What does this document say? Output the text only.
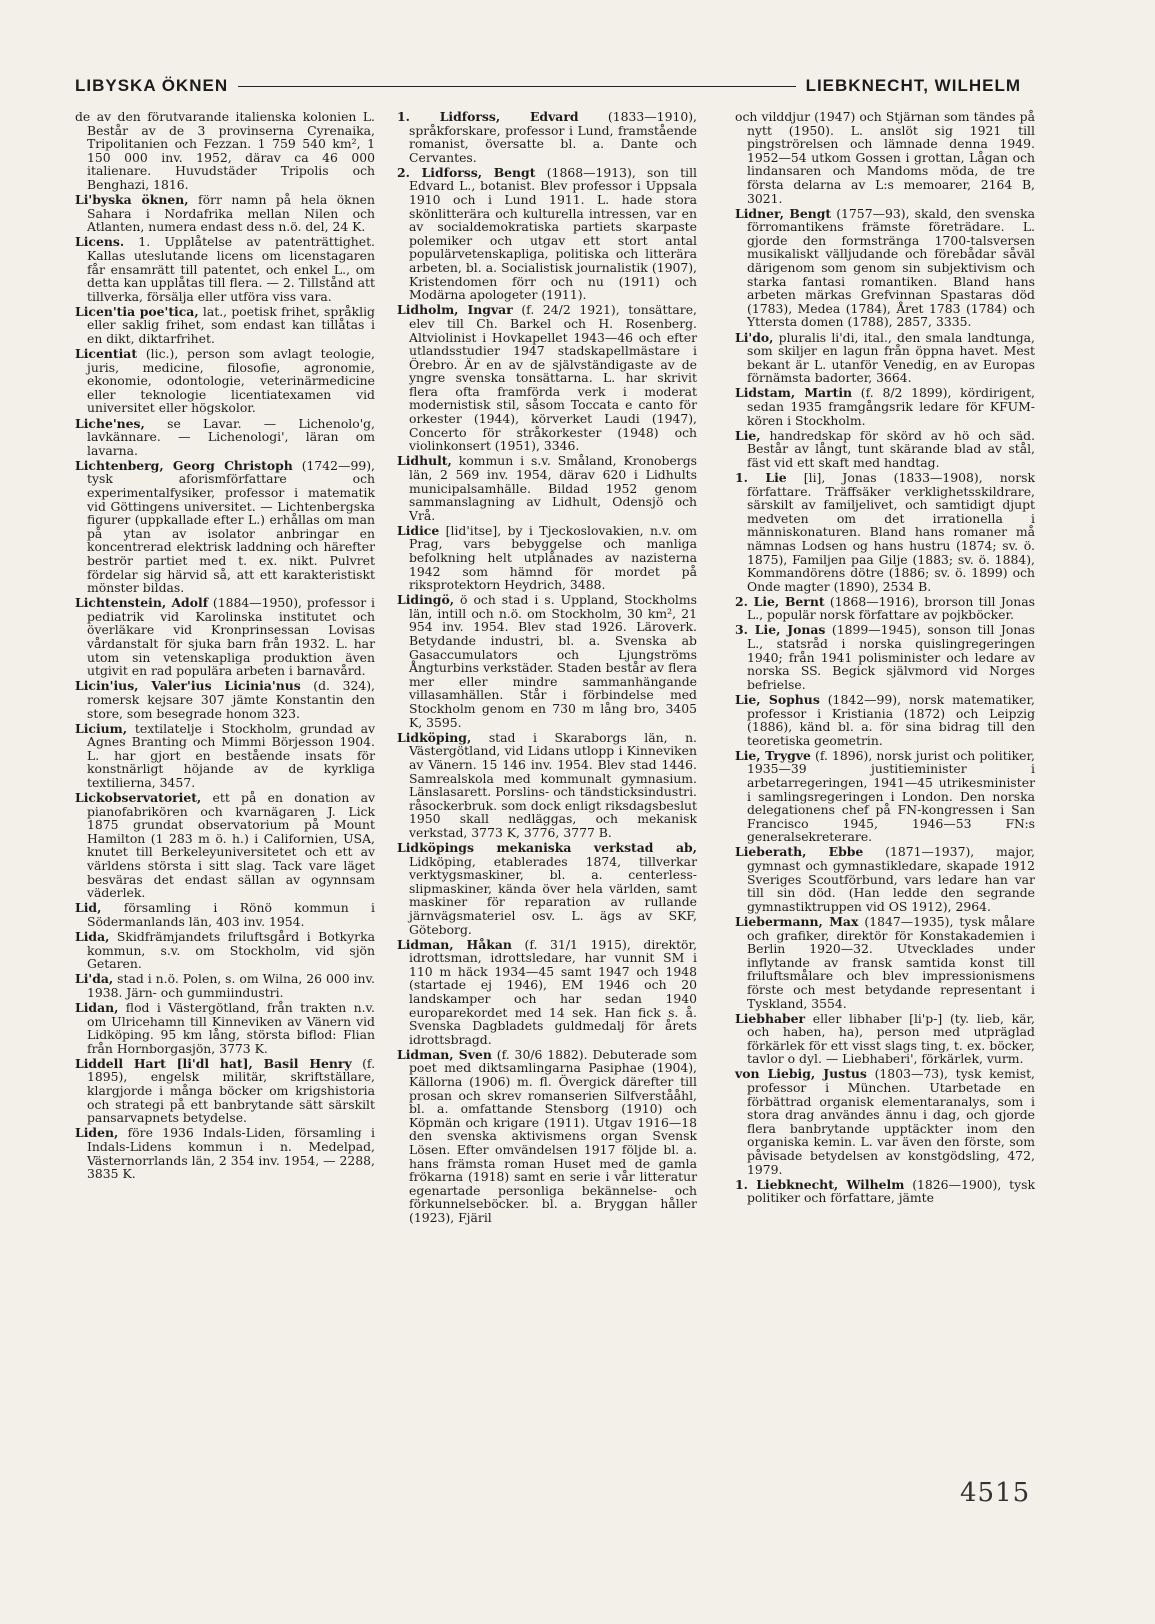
LIBYSKA ÖKNEN	LIEBKNECHT, WILHELM

de av den förutvarande italienska kolonien L. Består av de 3 provinserna Cyrenaika, Tripolitanien och Fezzan. 1 759 540 km², 1 150 000 inv. 1952, därav ca 46 000 italienare. Huvudstäder Tripolis och Benghazi, 1816.

Li'byska öknen, förr namn på hela öknen Sahara i Nordafrika mellan Nilen och Atlanten, numera endast dess n.ö. del, 24 K.

Licens. 1. Upplåtelse av patenträttighet. Kallas uteslutande licens om licenstagaren får ensamrätt till patentet, och enkel L., om detta kan upplåtas till flera. — 2. Tillstånd att tillverka, försälja eller utföra viss vara.

Licen'tia poe'tica, lat., poetisk frihet, språklig eller saklig frihet, som endast kan tillåtas i en dikt, diktarfrihet.

Licentiat (lic.), person som avlagt teologie, juris, medicine, filosofie, agronomie, ekonomie, odontologie, veterinärmedicine eller teknologie licentiatexamen vid universitet eller högskolor.

Liche'nes, se Lavar. — Lichenolo'g, lavkännare. — Lichenologi', läran om lavarna.

Lichtenberg, Georg Christoph (1742—99), tysk aforismförfattare och experimentalfysiker, professor i matematik vid Göttingens universitet. — Lichtenbergska figurer (uppkallade efter L.) erhållas om man på ytan av isolator anbringar en koncentrerad elektrisk laddning och härefter beströr partiet med t. ex. nikt. Pulvret fördelar sig härvid så, att ett karakteristiskt mönster bildas.

Lichtenstein, Adolf (1884—1950), professor i pediatrik vid Karolinska institutet och överläkare vid Kronprinsessan Lovisas vårdanstalt för sjuka barn från 1932. L. har utom sin vetenskapliga produktion även utgivit en rad populära arbeten i barnavård.

Licin'ius, Valer'ius Licinia'nus (d. 324), romersk kejsare 307 jämte Konstantin den store, som besegrade honom 323.

Licium, textilatelje i Stockholm, grundad av Agnes Branting och Mimmi Börjesson 1904. L. har gjort en bestående insats för konstnärligt höjande av de kyrkliga textilierna, 3457.

Lickobservatoriet, ett på en donation av pianofabrikören och kvarnägaren J. Lick 1875 grundat observatorium på Mount Hamilton (1 283 m ö. h.) i Californien, USA, knutet till Berkeleyuniversitetet och ett av världens största i sitt slag. Tack vare läget besväras det endast sällan av ogynnsam väderlek.

Lid, församling i Rönö kommun i Södermanlands län, 403 inv. 1954.

Lida, Skidfrämjandets friluftsgård i Botkyrka kommun, s.v. om Stockholm, vid sjön Getaren.

Li'da, stad i n.ö. Polen, s. om Wilna, 26 000 inv. 1938. Järn- och gummiindustri.

Lidan, flod i Västergötland, från trakten n.v. om Ulricehamn till Kinneviken av Vänern vid Lidköping. 95 km lång, största biflod: Flian från Hornborgasjön, 3773 K.

Liddell Hart [li'dl hat], Basil Henry (f. 1895), engelsk militär, skriftställare, klargjorde i många böcker om krigshistoria och strategi på ett banbrytande sätt särskilt pansarvapnets betydelse.

Liden, före 1936 Indals-Liden, församling i Indals-Lidens kommun i n. Medelpad, Västernorrlands län, 2 354 inv. 1954, — 2288, 3835 K.

1. Lidforss, Edvard (1833—1910), språkforskare, professor i Lund, framstående romanist, översatte bl. a. Dante och Cervantes.

2. Lidforss, Bengt (1868—1913), son till Edvard L., botanist. Blev professor i Uppsala 1910 och i Lund 1911. L. hade stora skönlitterära och kulturella intressen, var en av socialdemokratiska partiets skarpaste polemiker och utgav ett stort antal populärvetenskapliga, politiska och litterära arbeten, bl. a. Socialistisk journalistik (1907), Kristendomen förr och nu (1911) och Modärna apologeter (1911).

Lidholm, Ingvar (f. 24/2 1921), tonsättare, elev till Ch. Barkel och H. Rosenberg. Altviolinist i Hovkapellet 1943—46 och efter utlandsstudier 1947 stadskapellmästare i Örebro. Är en av de självständigaste av de yngre svenska tonsättarna. L. har skrivit flera ofta framförda verk i moderat modernistisk stil, såsom Toccata e canto för orkester (1944), körverket Laudi (1947), Concerto för stråkorkester (1948) och violinkonsert (1951), 3346.

Lidhult, kommun i s.v. Småland, Kronobergs län, 2 569 inv. 1954, därav 620 i Lidhults municipalsamhälle. Bildad 1952 genom sammanslagning av Lidhult, Odensjö och Vrå.

Lidice [lid'itse], by i Tjeckoslovakien, n.v. om Prag, vars bebyggelse och manliga befolkning helt utplånades av nazisterna 1942 som hämnd för mordet på riksprotektorn Heydrich, 3488.

Lidingö, ö och stad i s. Uppland, Stockholms län, intill och n.ö. om Stockholm, 30 km², 21 954 inv. 1954. Blev stad 1926. Läroverk. Betydande industri, bl. a. Svenska ab Gasaccumulators och Ljungströms Ångturbins verkstäder. Staden består av flera mer eller mindre sammanhängande villasamhällen. Står i förbindelse med Stockholm genom en 730 m lång bro, 3405 K, 3595.

Lidköping, stad i Skaraborgs län, n. Västergötland, vid Lidans utlopp i Kinneviken av Vänern. 15 146 inv. 1954. Blev stad 1446. Samrealskola med kommunalt gymnasium. Länslasarett. Porslins- och tändsticksindustri. råsockerbruk. som dock enligt riksdagsbeslut 1950 skall nedläggas, och mekanisk verkstad, 3773 K, 3776, 3777 B.

Lidköpings mekaniska verkstad ab, Lidköping, etablerades 1874, tillverkar verktygsmaskiner, bl. a. centerless-slipmaskiner, kända över hela världen, samt maskiner för reparation av rullande järnvägsmateriel osv. L. ägs av SKF, Göteborg.

Lidman, Håkan (f. 31/1 1915), direktör, idrottsman, idrottsledare, har vunnit SM i 110 m häck 1934—45 samt 1947 och 1948 (startade ej 1946), EM 1946 och 20 landskamper och har sedan 1940 europarekordet med 14 sek. Han fick s. å. Svenska Dagbladets guldmedalj för årets idrottsbragd.

Lidman, Sven (f. 30/6 1882). Debuterade som poet med diktsamlingarna Pasiphae (1904), Källorna (1906) m. fl. Övergick därefter till prosan och skrev romanserien Silfverstååhl, bl. a. omfattande Stensborg (1910) och Köpmän och krigare (1911). Utgav 1916—18 den svenska aktivismens organ Svensk Lösen. Efter omvändelsen 1917 följde bl. a. hans främsta roman Huset med de gamla frökarna (1918) samt en serie i vår litteratur egenartade personliga bekännelse- och förkunnelseböcker. bl. a. Bryggan håller (1923), Fjäril

och vilddjur (1947) och Stjärnan som tändes på nytt (1950). L. anslöt sig 1921 till pingströrelsen och lämnade denna 1949. 1952—54 utkom Gossen i grottan, Lågan och lindansaren och Mandoms möda, de tre första delarna av L:s memoarer, 2164 B, 3021.

Lidner, Bengt (1757—93), skald, den svenska förromantikens främste företrädare. L. gjorde den formstränga 1700-talsversen musikaliskt välljudande och förebådar såväl därigenom som genom sin subjektivism och starka fantasi romantiken. Bland hans arbeten märkas Grefvinnan Spastaras död (1783), Medea (1784), Året 1783 (1784) och Yttersta domen (1788), 2857, 3335.

Li'do, pluralis li'di, ital., den smala landtunga, som skiljer en lagun från öppna havet. Mest bekant är L. utanför Venedig, en av Europas förnämsta badorter, 3664.

Lidstam, Martin (f. 8/2 1899), kördirigent, sedan 1935 framgångsrik ledare för KFUM-kören i Stockholm.

Lie, handredskap för skörd av hö och säd. Består av långt, tunt skärande blad av stål, fäst vid ett skaft med handtag.

1. Lie [li], Jonas (1833—1908), norsk författare. Träffsäker verklighetsskildrare, särskilt av familjelivet, och samtidigt djupt medveten om det irrationella i människonaturen. Bland hans romaner må nämnas Lodsen og hans hustru (1874; sv. ö. 1875), Familjen paa Gilje (1883; sv. ö. 1884), Kommandörens dötre (1886; sv. ö. 1899) och Onde magter (1890), 2534 B.

2. Lie, Bernt (1868—1916), brorson till Jonas L., populär norsk författare av pojkböcker.

3. Lie, Jonas (1899—1945), sonson till Jonas L., statsråd i norska quislingregeringen 1940; från 1941 polisminister och ledare av norska SS. Begick självmord vid Norges befrielse.

Lie, Sophus (1842—99), norsk matematiker, professor i Kristiania (1872) och Leipzig (1886), känd bl. a. för sina bidrag till den teoretiska geometrin.

Lie, Trygve (f. 1896), norsk jurist och politiker, 1935—39 justitieminister i arbetarregeringen, 1941—45 utrikesminister i samlingsregeringen i London. Den norska delegationens chef på FN-kongressen i San Francisco 1945, 1946—53 FN:s generalsekreterare.

Lieberath, Ebbe (1871—1937), major, gymnast och gymnastikledare, skapade 1912 Sveriges Scoutförbund, vars ledare han var till sin död. (Han ledde den segrande gymnastiktruppen vid OS 1912), 2964.

Liebermann, Max (1847—1935), tysk målare och grafiker, direktör för Konstakademien i Berlin 1920—32. Utvecklades under inflytande av fransk samtida konst till friluftsmålare och blev impressionismens förste och mest betydande representant i Tyskland, 3554.

Liebhaber eller libhaber [li'p-] (ty. lieb, kär, och haben, ha), person med utpräglad förkärlek för ett visst slags ting, t. ex. böcker, tavlor o dyl. — Liebhaberi', förkärlek, vurm.

von Liebig, Justus (1803—73), tysk kemist, professor i München. Utarbetade en förbättrad organisk elementaranalys, som i stora drag användes ännu i dag, och gjorde flera banbrytande upptäckter inom den organiska kemin. L. var även den förste, som påvisade betydelsen av konstgödsling, 472, 1979.

1. Liebknecht, Wilhelm (1826—1900), tysk politiker och författare, jämte

4515
